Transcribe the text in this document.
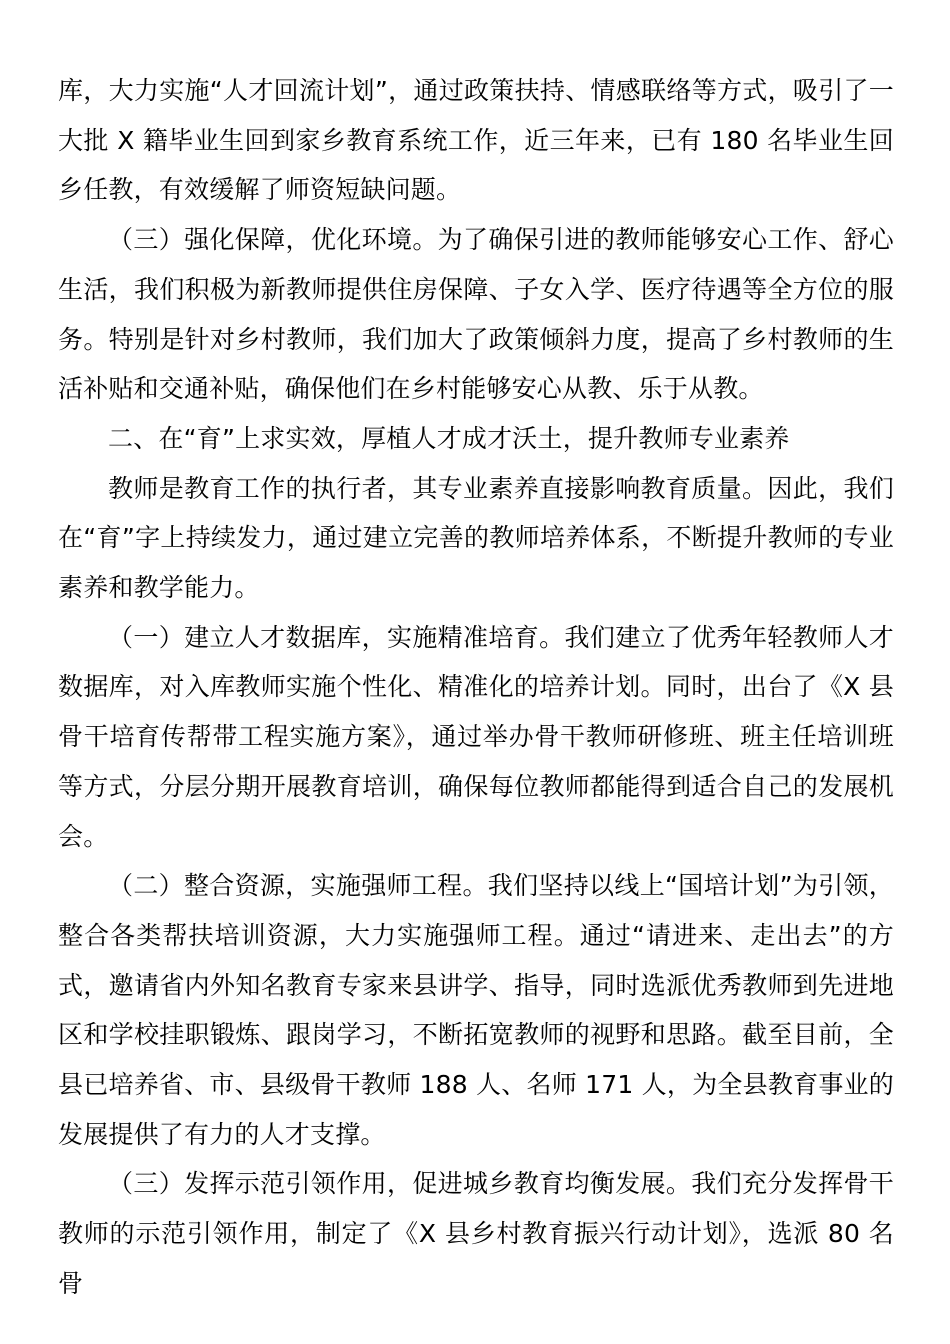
库，大力实施“人才回流计划”，通过政策扶持、情感联络等方式，吸引了一大批 X 籍毕业生回到家乡教育系统工作，近三年来，已有 180 名毕业生回乡任教，有效缓解了师资短缺问题。

（三）强化保障，优化环境。为了确保引进的教师能够安心工作、舒心生活，我们积极为新教师提供住房保障、子女入学、医疗待遇等全方位的服务。特别是针对乡村教师，我们加大了政策倾斜力度，提高了乡村教师的生活补贴和交通补贴，确保他们在乡村能够安心从教、乐于从教。

二、在“育”上求实效，厚植人才成才沃土，提升教师专业素养

教师是教育工作的执行者，其专业素养直接影响教育质量。因此，我们在“育”字上持续发力，通过建立完善的教师培养体系，不断提升教师的专业素养和教学能力。

（一）建立人才数据库，实施精准培育。我们建立了优秀年轻教师人才数据库，对入库教师实施个性化、精准化的培养计划。同时，出台了《X 县骨干培育传帮带工程实施方案》，通过举办骨干教师研修班、班主任培训班等方式，分层分期开展教育培训，确保每位教师都能得到适合自己的发展机会。

（二）整合资源，实施强师工程。我们坚持以线上“国培计划”为引领，整合各类帮扶培训资源，大力实施强师工程。通过“请进来、走出去”的方式，邀请省内外知名教育专家来县讲学、指导，同时选派优秀教师到先进地区和学校挂职锻炼、跟岗学习，不断拓宽教师的视野和思路。截至目前，全县已培养省、市、县级骨干教师 188 人、名师 171 人，为全县教育事业的发展提供了有力的人才支撑。

（三）发挥示范引领作用，促进城乡教育均衡发展。我们充分发挥骨干教师的示范引领作用，制定了《X 县乡村教育振兴行动计划》，选派 80 名骨
